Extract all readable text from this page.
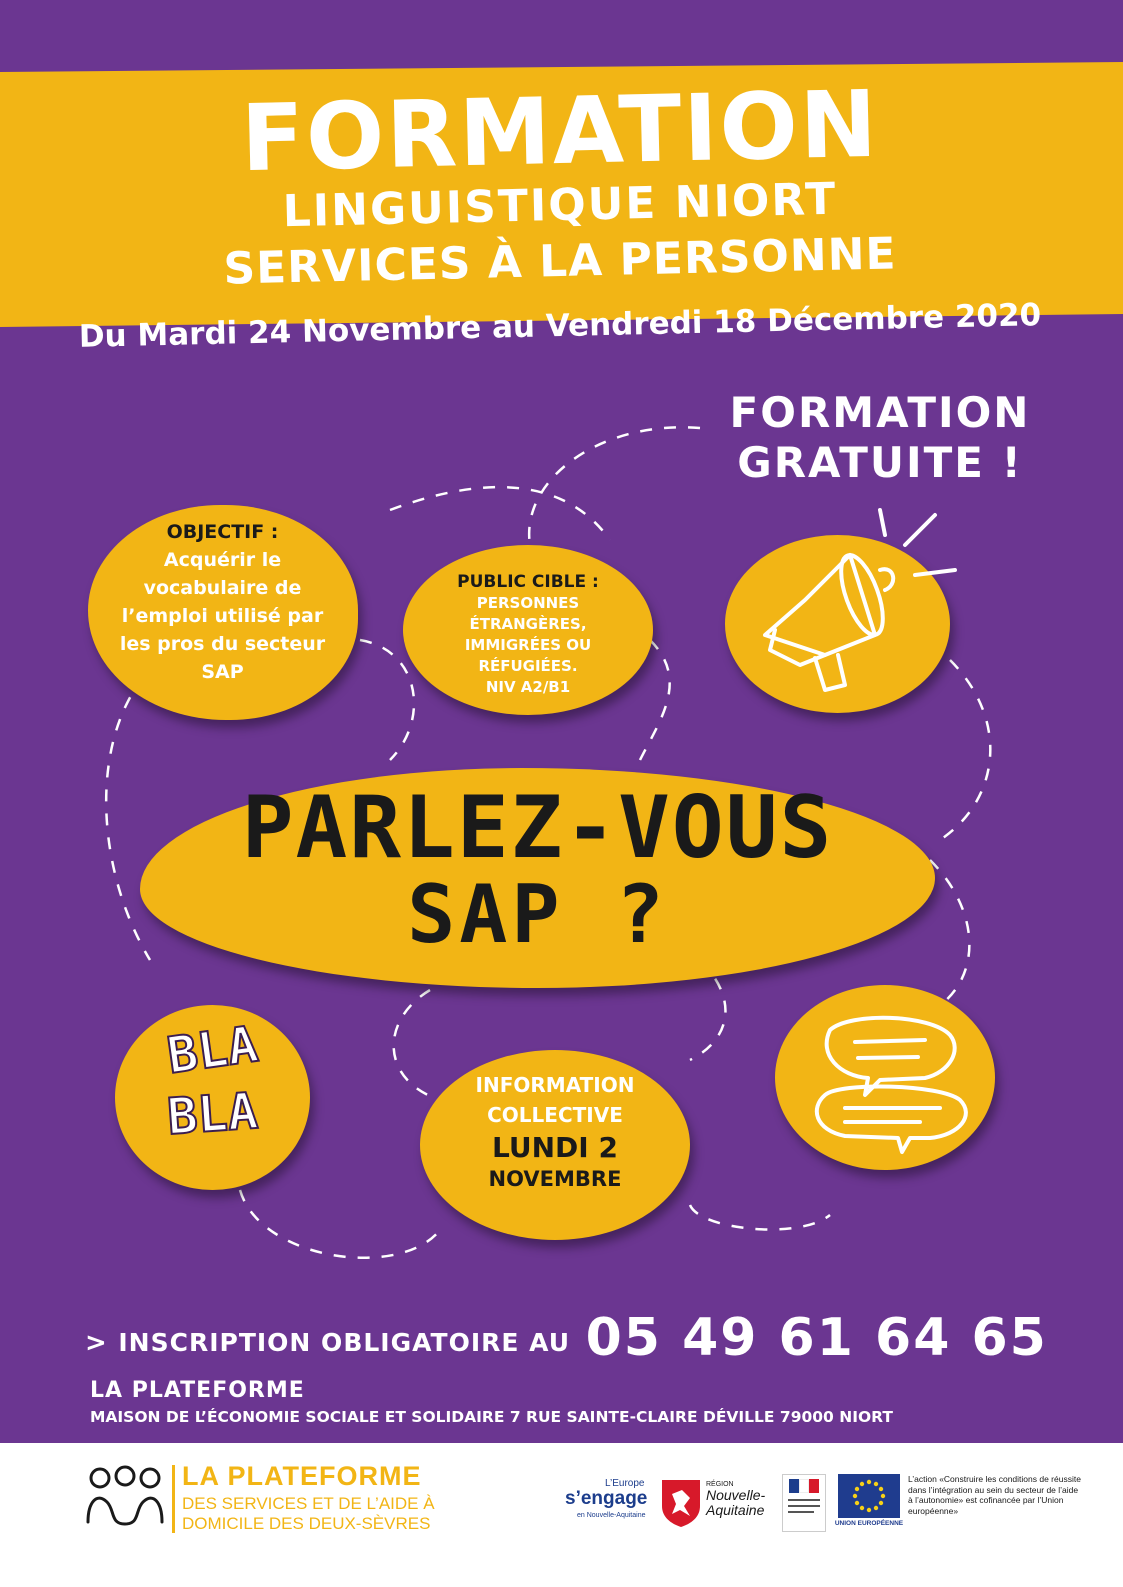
FORMATION
LINGUISTIQUE NIORT
SERVICES À LA PERSONNE
Du Mardi 24 Novembre au Vendredi 18 Décembre 2020
FORMATION
GRATUITE !
OBJECTIF :
Acquérir le
vocabulaire de
l’emploi utilisé par
les pros du secteur
SAP
PUBLIC CIBLE :
PERSONNES
ÉTRANGÈRES,
IMMIGRÉES OU
RÉFUGIÉES.
NIV A2/B1
PARLEZ-VOUS
SAP ?
BLA
BLA	INFORMATION
COLLECTIVE
LUNDI 2
NOVEMBRE
> INSCRIPTION OBLIGATOIRE AU 05 49 61 64 65
LA PLATEFORME
MAISON DE L’ÉCONOMIE SOCIALE ET SOLIDAIRE 7 RUE SAINTE-CLAIRE DÉVILLE 79000 NIORT
LA PLATEFORME
DES SERVICES ET DE L’AIDE À
DOMICILE DES DEUX-SÈVRES
L’Europe
s’engage
en Nouvelle-Aquitaine
RÉGION
Nouvelle-
Aquitaine
UNION EUROPÉENNE
L’action «Construire les conditions de réussite dans l’intégration au sein du secteur de l’aide à l’autonomie» est cofinancée par l’Union européenne»
